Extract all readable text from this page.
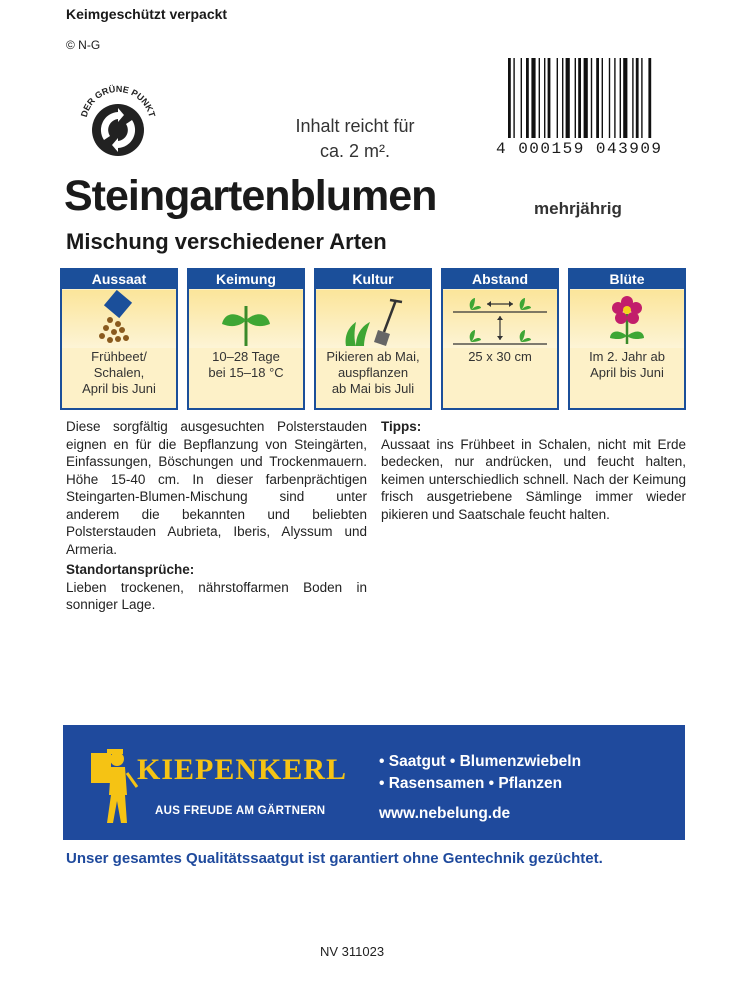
Keimgeschützt verpackt
© N-G
DER GRÜNE PUNKT
Inhalt reicht für
ca. 2 m².	4 000159 043909
Steingartenblumen	mehrjährig
Mischung verschiedener Arten
Aussaat
Frühbeet/
Schalen,
April bis Juni
Keimung
10–28 Tage
bei 15–18 °C
Kultur
Pikieren ab Mai,
auspflanzen
ab Mai bis Juli
Abstand
25 x 30 cm
Blüte
Im 2. Jahr ab
April bis Juni
Diese sorgfältig ausgesuchten Polsterstauden eignen en für die Bepflanzung von Steingärten, Einfassungen, Böschungen und Trockenmauern. Höhe 15-40 cm. In dieser farbenprächtigen Steingarten-Blumen-Mischung sind unter anderem die bekannten und beliebten Polsterstauden Aubrieta, Iberis, Alyssum und Armeria.
Standortansprüche:
Lieben trockenen, nährstoffarmen Boden in sonniger Lage.
Tipps:
Aussaat ins Frühbeet in Schalen, nicht mit Erde bedecken, nur andrücken, und feucht halten, keimen unterschiedlich schnell. Nach der Keimung frisch ausgetriebene Sämlinge immer wieder pikieren und Saatschale feucht halten.
KIEPENKERL
AUS FREUDE AM GÄRTNERN
• Saatgut • Blumenzwiebeln
• Rasensamen • Pflanzen
www.nebelung.de
Unser gesamtes Qualitätssaatgut ist garantiert ohne Gentechnik gezüchtet.
NV 311023
